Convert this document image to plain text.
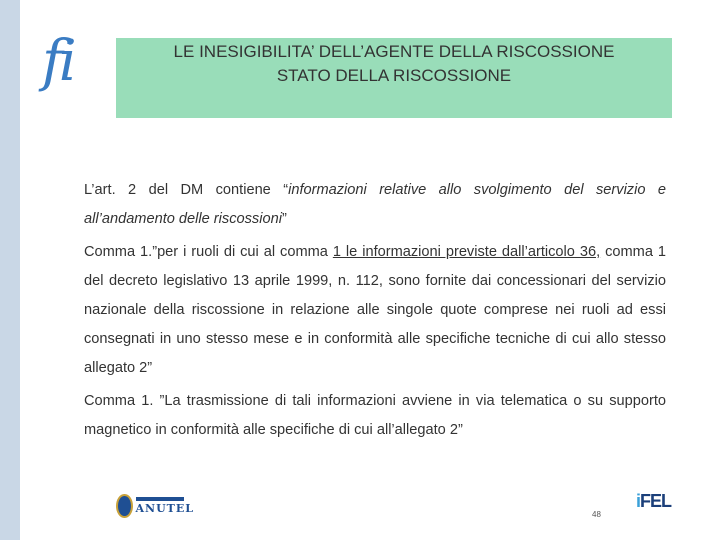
fi	LE INESIGIBILITA’ DELL’AGENTE DELLA RISCOSSIONE
STATO DELLA RISCOSSIONE

L’art. 2 del DM contiene “informazioni relative allo svolgimento del servizio e all’andamento delle riscossioni”

Comma 1.”per i ruoli di cui al comma 1 le informazioni previste dall’articolo 36, comma 1 del decreto legislativo 13 aprile 1999, n. 112, sono fornite dai concessionari del servizio nazionale della riscossione in relazione alle singole quote comprese nei ruoli ad essi consegnati in uno stesso mese e in conformità alle specifiche tecniche di cui allo stesso allegato 2”

Comma 1. ”La trasmissione di tali informazioni avviene in via telematica o su supporto magnetico in conformità alle specifiche di cui all’allegato 2”

ANUTEL	48
iFEL
